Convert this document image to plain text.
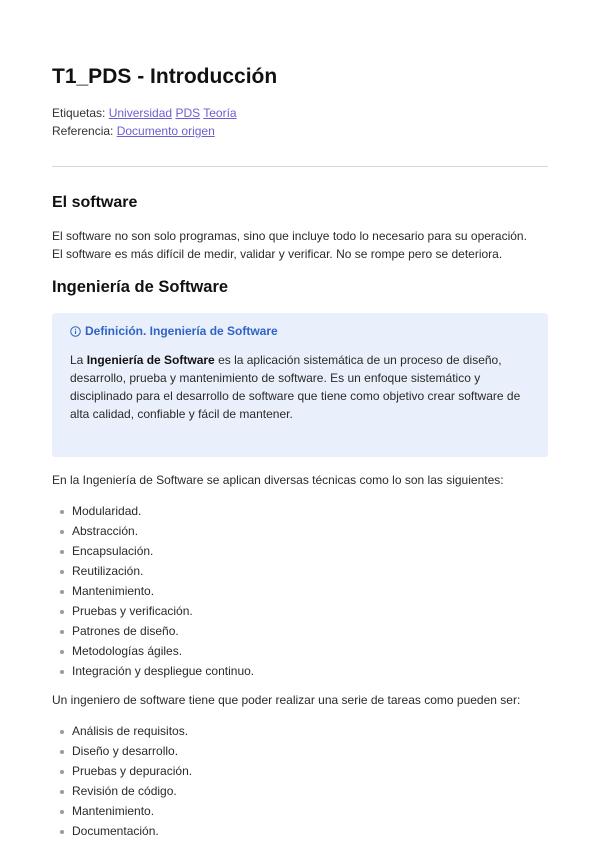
T1_PDS - Introducción
Etiquetas: Universidad PDS Teoría
Referencia: Documento origen
El software

El software no son solo programas, sino que incluye todo lo necesario para su operación.

El software es más difícil de medir, validar y verificar. No se rompe pero se deteriora.

Ingeniería de Software
Definición. Ingeniería de Software

La Ingeniería de Software es la aplicación sistemática de un proceso de diseño, desarrollo, prueba y mantenimiento de software. Es un enfoque sistemático y disciplinado para el desarrollo de software que tiene como objetivo crear software de alta calidad, confiable y fácil de mantener.

En la Ingeniería de Software se aplican diversas técnicas como lo son las siguientes:

Modularidad.
Abstracción.
Encapsulación.
Reutilización.
Mantenimiento.
Pruebas y verificación.
Patrones de diseño.
Metodologías ágiles.
Integración y despliegue continuo.

Un ingeniero de software tiene que poder realizar una serie de tareas como pueden ser:

Análisis de requisitos.
Diseño y desarrollo.
Pruebas y depuración.
Revisión de código.
Mantenimiento.
Documentación.
